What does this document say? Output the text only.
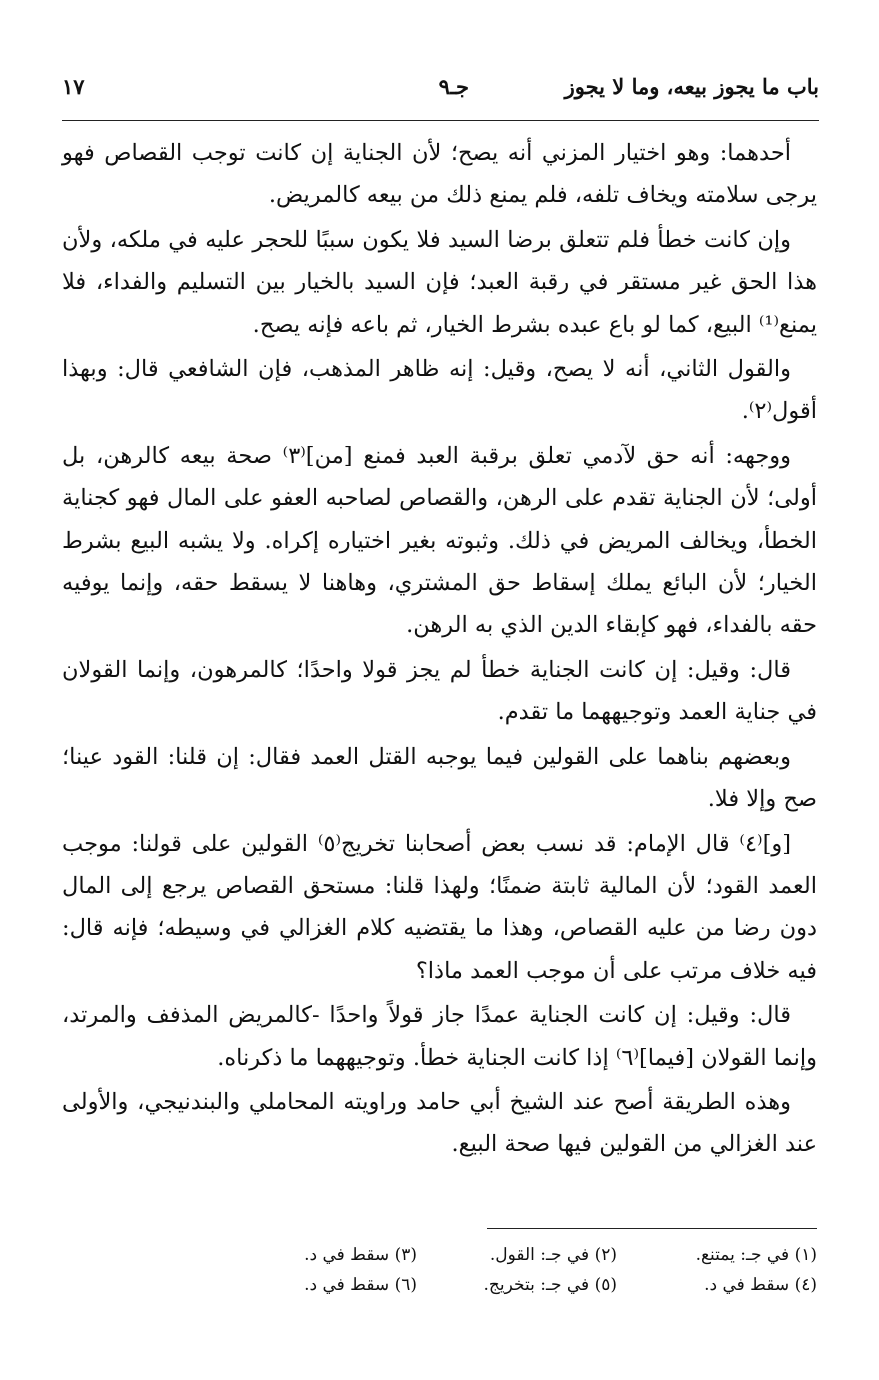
باب ما يجوز بيعه، وما لا يجوز
جـ٩
١٧

أحدهما: وهو اختيار المزني أنه يصح؛ لأن الجناية إن كانت توجب القصاص فهو يرجى سلامته ويخاف تلفه، فلم يمنع ذلك من بيعه كالمريض.

وإن كانت خطأ فلم تتعلق برضا السيد فلا يكون سببًا للحجر عليه في ملكه، ولأن هذا الحق غير مستقر في رقبة العبد؛ فإن السيد بالخيار بين التسليم والفداء، فلا يمنع⁽¹⁾ البيع، كما لو باع عبده بشرط الخيار، ثم باعه فإنه يصح.

والقول الثاني، أنه لا يصح، وقيل: إنه ظاهر المذهب، فإن الشافعي قال: وبهذا أقول⁽٢⁾.

ووجهه: أنه حق لآدمي تعلق برقبة العبد فمنع [من]⁽٣⁾ صحة بيعه كالرهن، بل أولى؛ لأن الجناية تقدم على الرهن، والقصاص لصاحبه العفو على المال فهو كجناية الخطأ، ويخالف المريض في ذلك. وثبوته بغير اختياره إكراه. ولا يشبه البيع بشرط الخيار؛ لأن البائع يملك إسقاط حق المشتري، وهاهنا لا يسقط حقه، وإنما يوفيه حقه بالفداء، فهو كإبقاء الدين الذي به الرهن.

قال: وقيل: إن كانت الجناية خطأ لم يجز قولا واحدًا؛ كالمرهون، وإنما القولان في جناية العمد وتوجيههما ما تقدم.

وبعضهم بناهما على القولين فيما يوجبه القتل العمد فقال: إن قلنا: القود عينا؛ صح وإلا فلا.

[و]⁽٤⁾ قال الإمام: قد نسب بعض أصحابنا تخريج⁽٥⁾ القولين على قولنا: موجب العمد القود؛ لأن المالية ثابتة ضمنًا؛ ولهذا قلنا: مستحق القصاص يرجع إلى المال دون رضا من عليه القصاص، وهذا ما يقتضيه كلام الغزالي في وسيطه؛ فإنه قال: فيه خلاف مرتب على أن موجب العمد ماذا؟

قال: وقيل: إن كانت الجناية عمدًا جاز قولاً واحدًا -كالمريض المذفف والمرتد، وإنما القولان [فيما]⁽٦⁾ إذا كانت الجناية خطأ. وتوجيههما ما ذكرناه.

وهذه الطريقة أصح عند الشيخ أبي حامد وراويته المحاملي والبندنيجي، والأولى عند الغزالي من القولين فيها صحة البيع.

(١) في جـ: يمتنع.
(٢) في جـ: القول.
(٣) سقط في د.
(٤) سقط في د.
(٥) في جـ: بتخريج.
(٦) سقط في د.
